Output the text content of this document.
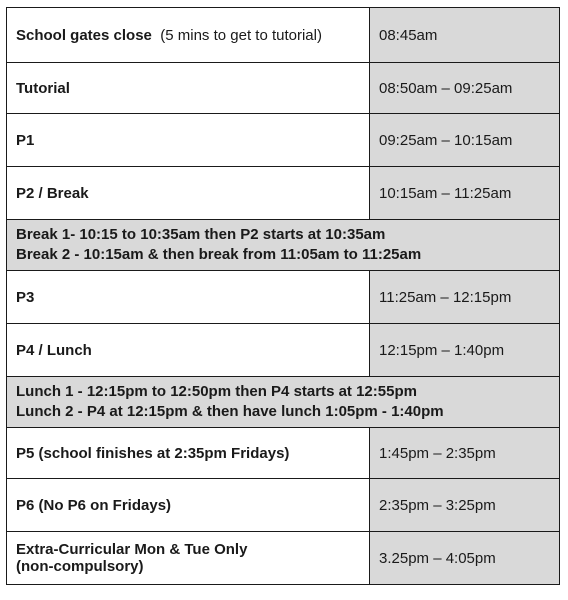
School gates close (5 mins to get to tutorial)	08:45am
Tutorial	08:50am – 09:25am
P1	09:25am – 10:15am
P2 / Break	10:15am – 11:25am

Break 1- 10:15 to 10:35am then P2 starts at 10:35am
Break 2 - 10:15am & then break from 11:05am to 11:25am	

P3	11:25am – 12:15pm
P4 / Lunch	12:15pm – 1:40pm

Lunch 1 - 12:15pm to 12:50pm then P4 starts at 12:55pm
Lunch 2 - P4 at 12:15pm & then have lunch 1:05pm - 1:40pm	

P5 (school finishes at 2:35pm Fridays)	1:45pm – 2:35pm
P6 (No P6 on Fridays)	2:35pm – 3:25pm

Extra-Curricular Mon & Tue Only
(non-compulsory)	3.25pm – 4:05pm
